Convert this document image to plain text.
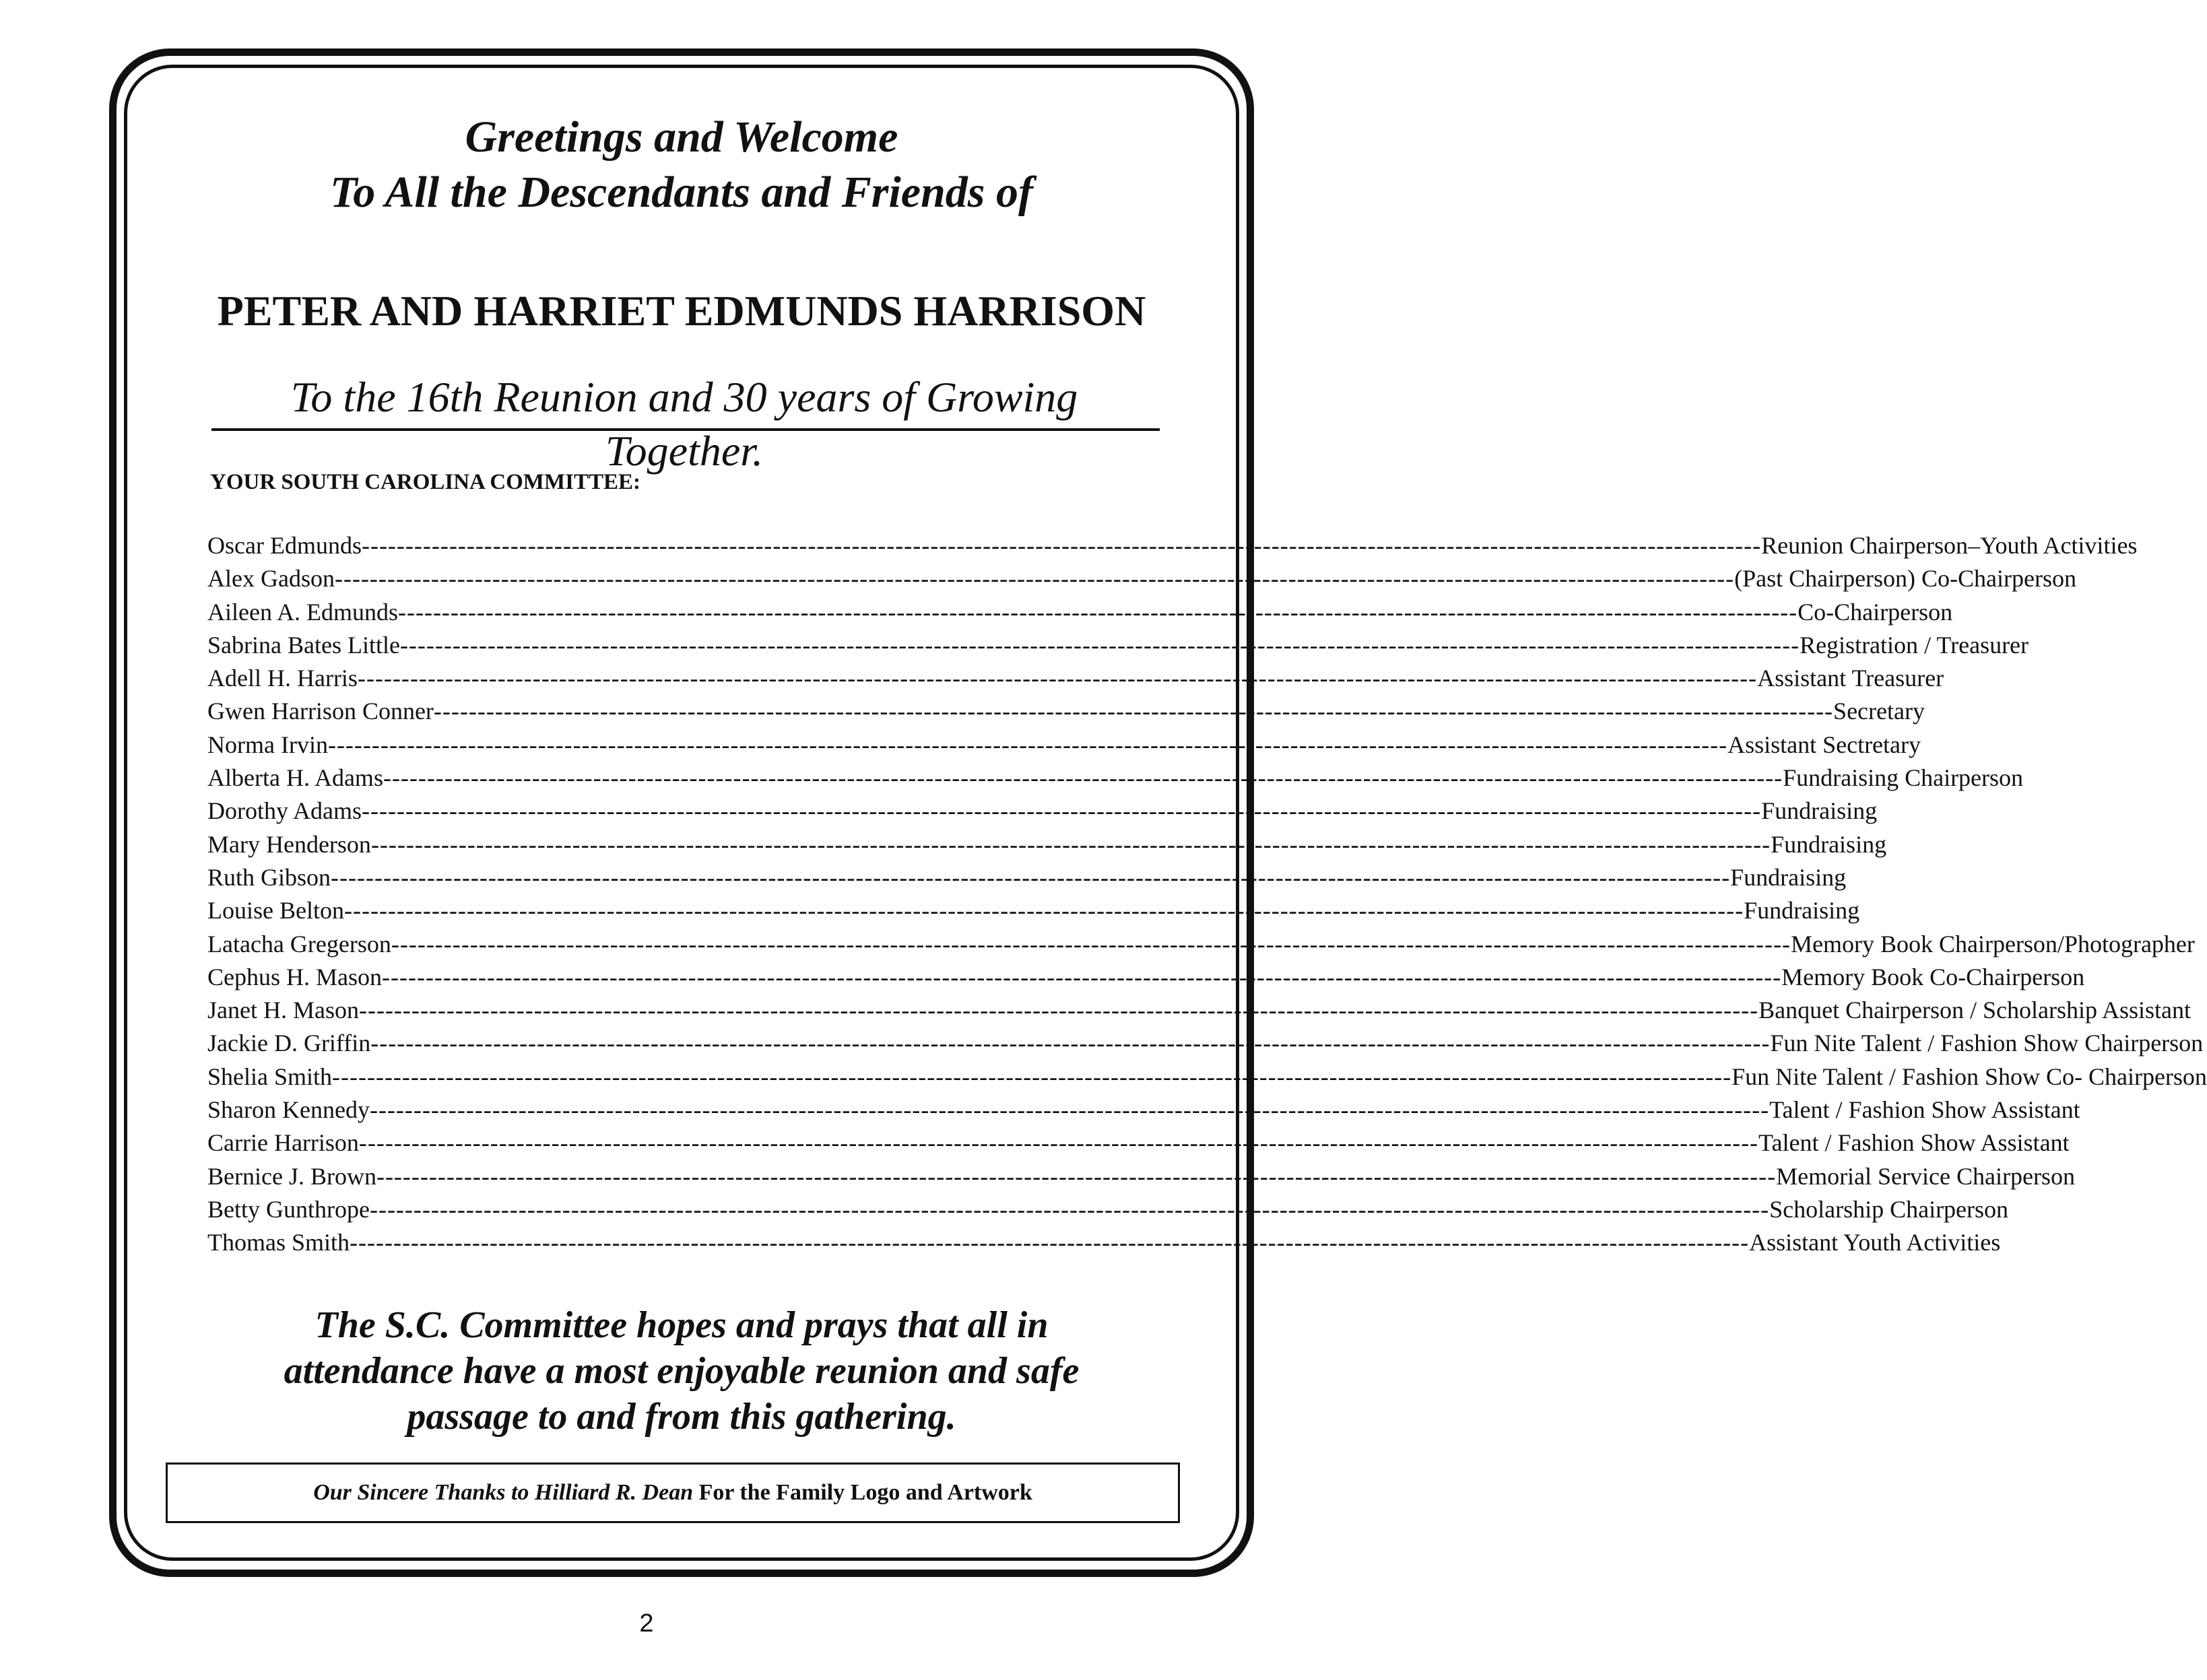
Greetings and Welcome
To All the Descendants and Friends of
PETER AND HARRIET EDMUNDS HARRISON
To the 16th Reunion and 30 years of Growing Together.
YOUR SOUTH CAROLINA COMMITTEE:
Oscar Edmunds ---------------------------------------------------------------------------------------------------------------------------------------------------------------- Reunion Chairperson–Youth Activities
Alex Gadson ---------------------------------------------------------------------------------------------------------------------------------------------------------------- (Past Chairperson) Co-Chairperson
Aileen A. Edmunds ---------------------------------------------------------------------------------------------------------------------------------------------------------------- Co-Chairperson
Sabrina Bates Little ---------------------------------------------------------------------------------------------------------------------------------------------------------------- Registration / Treasurer
Adell H. Harris ---------------------------------------------------------------------------------------------------------------------------------------------------------------- Assistant Treasurer
Gwen Harrison Conner ---------------------------------------------------------------------------------------------------------------------------------------------------------------- Secretary
Norma Irvin ---------------------------------------------------------------------------------------------------------------------------------------------------------------- Assistant Sectretary
Alberta H. Adams ---------------------------------------------------------------------------------------------------------------------------------------------------------------- Fundraising Chairperson
Dorothy Adams ---------------------------------------------------------------------------------------------------------------------------------------------------------------- Fundraising
Mary Henderson ---------------------------------------------------------------------------------------------------------------------------------------------------------------- Fundraising
Ruth Gibson ---------------------------------------------------------------------------------------------------------------------------------------------------------------- Fundraising
Louise Belton ---------------------------------------------------------------------------------------------------------------------------------------------------------------- Fundraising
Latacha Gregerson ---------------------------------------------------------------------------------------------------------------------------------------------------------------- Memory Book Chairperson/Photographer
Cephus H. Mason ---------------------------------------------------------------------------------------------------------------------------------------------------------------- Memory Book Co-Chairperson
Janet H. Mason ---------------------------------------------------------------------------------------------------------------------------------------------------------------- Banquet Chairperson / Scholarship Assistant
Jackie D. Griffin ---------------------------------------------------------------------------------------------------------------------------------------------------------------- Fun Nite Talent / Fashion Show Chairperson
Shelia Smith ---------------------------------------------------------------------------------------------------------------------------------------------------------------- Fun Nite Talent / Fashion Show Co- Chairperson
Sharon Kennedy ---------------------------------------------------------------------------------------------------------------------------------------------------------------- Talent / Fashion Show Assistant
Carrie Harrison ---------------------------------------------------------------------------------------------------------------------------------------------------------------- Talent / Fashion Show Assistant
Bernice J. Brown ---------------------------------------------------------------------------------------------------------------------------------------------------------------- Memorial Service Chairperson
Betty Gunthrope ---------------------------------------------------------------------------------------------------------------------------------------------------------------- Scholarship Chairperson
Thomas Smith ---------------------------------------------------------------------------------------------------------------------------------------------------------------- Assistant Youth Activities
The S.C. Committee hopes and prays that all in
attendance have a most enjoyable reunion and safe
passage to and from this gathering.
Our Sincere Thanks to Hilliard R. Dean
For the Family Logo and Artwork
2
